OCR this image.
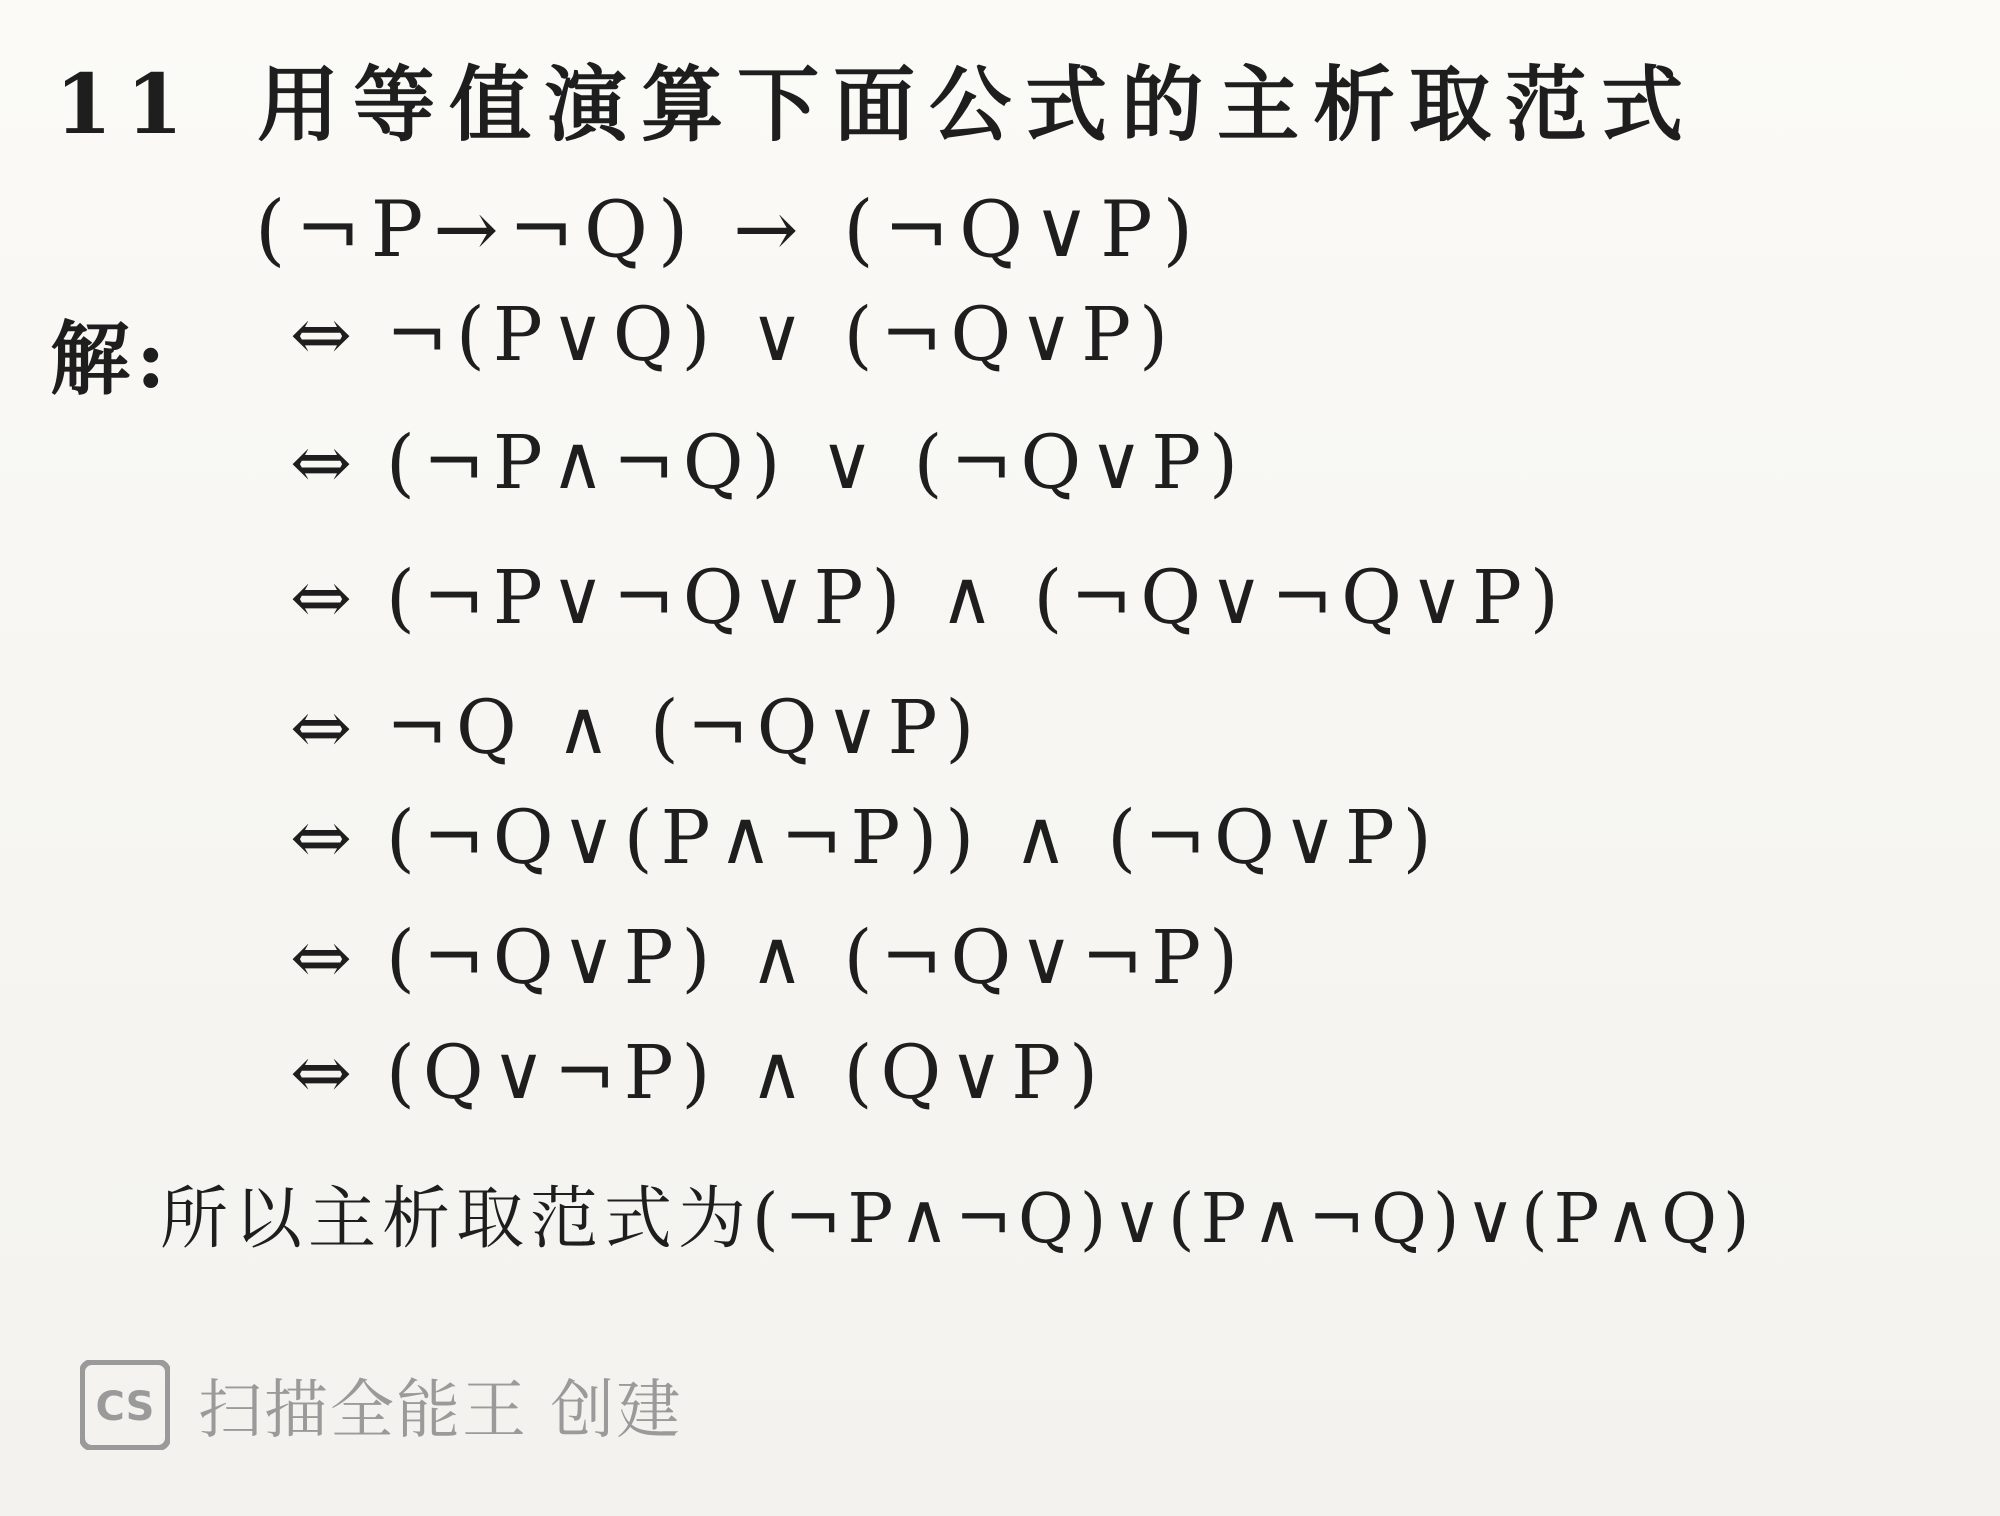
11 用等值演算下面公式的主析取范式
(¬P→¬Q) → (¬Q∨P)
解: ⇔ ¬(P∨Q) ∨ (¬Q∨P)
⇔ (¬P∧¬Q) ∨ (¬Q∨P)
⇔ (¬P∨¬Q∨P) ∧ (¬Q∨¬Q∨P)
⇔ ¬Q ∧ (¬Q∨P)
⇔ (¬Q∨(P∧¬P)) ∧ (¬Q∨P)
⇔ (¬Q∨P) ∧ (¬Q∨¬P)
⇔ (Q∨¬P) ∧ (Q∨P)
所以主析取范式为(¬P∧¬Q)∨(P∧¬Q)∨(P∧Q)
CS 扫描全能王 创建
